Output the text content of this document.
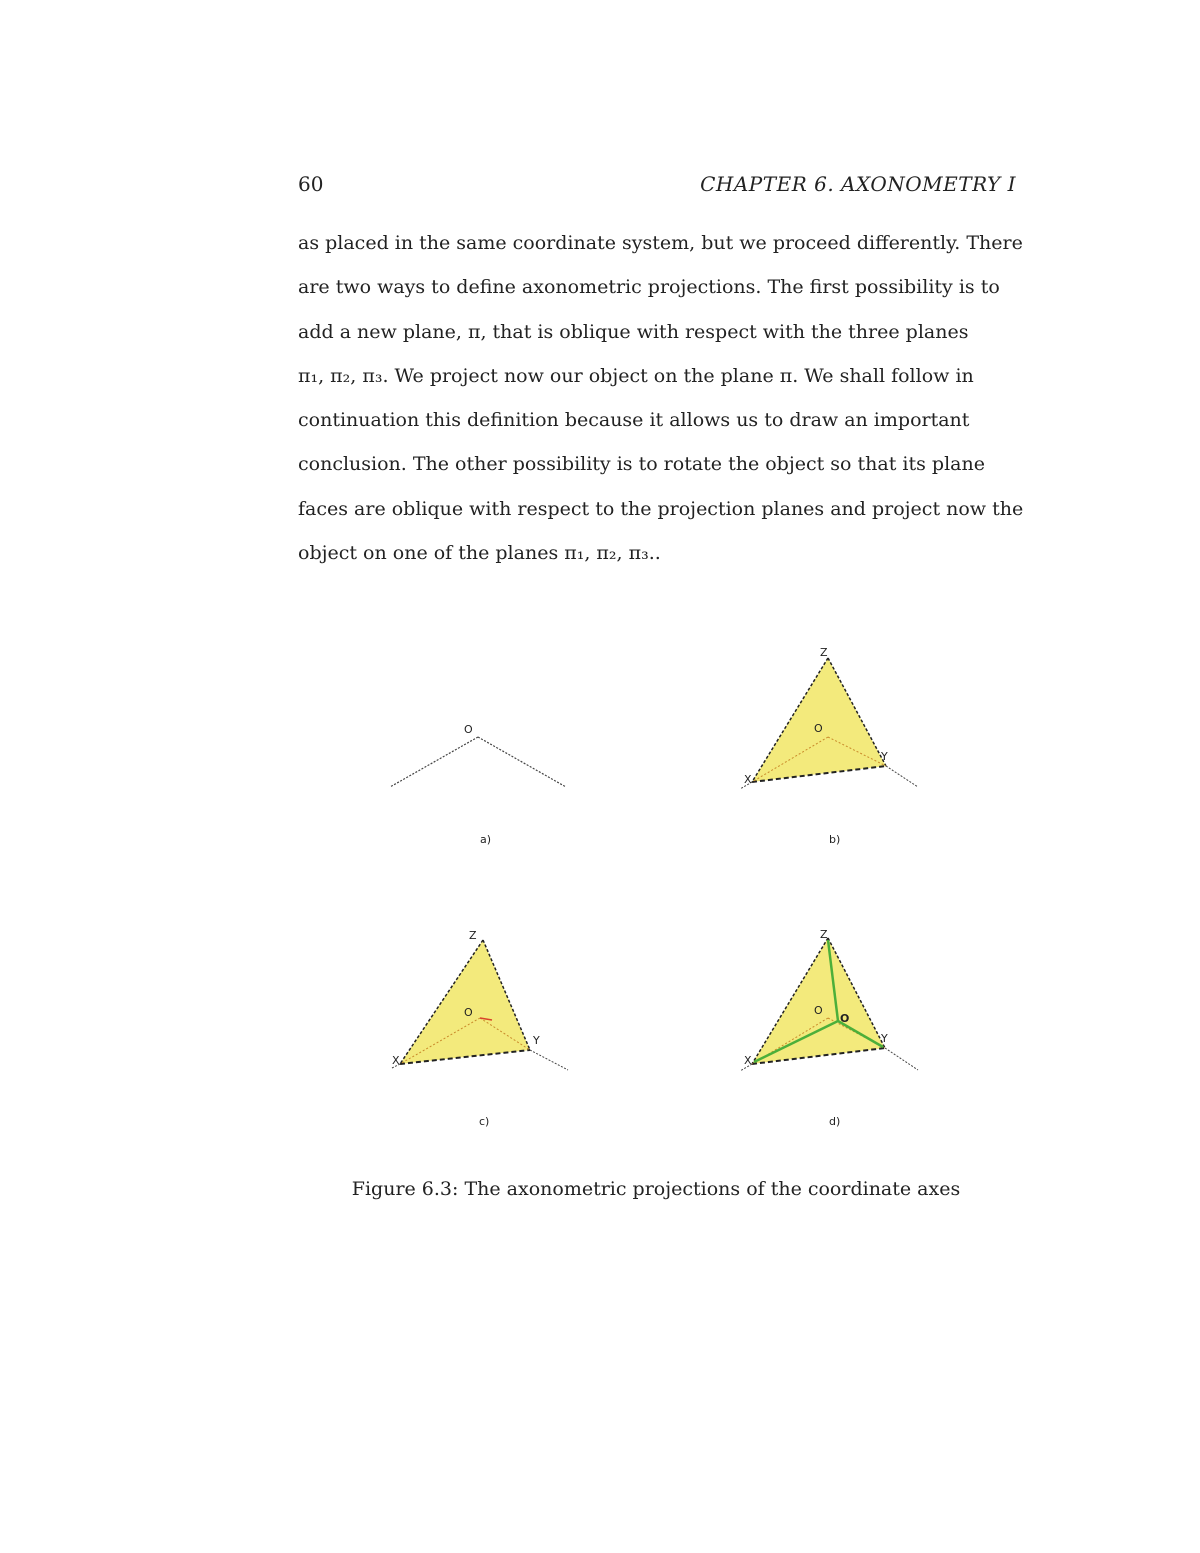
60	CHAPTER 6. AXONOMETRY I
as placed in the same coordinate system, but we proceed differently. There
are two ways to define axonometric projections. The first possibility is to
add a new plane, π, that is oblique with respect with the three planes
π₁, π₂, π₃. We project now our object on the plane π. We shall follow in
continuation this definition because it allows us to draw an important
conclusion. The other possibility is to rotate the object so that its plane
faces are oblique with respect to the projection planes and project now the
object on one of the planes π₁, π₂, π₃..
O
a)
Z
O
X
Y
b)
Z
O
X
Y
c)
Z
O
O
X
Y
d)
Figure 6.3: The axonometric projections of the coordinate axes
